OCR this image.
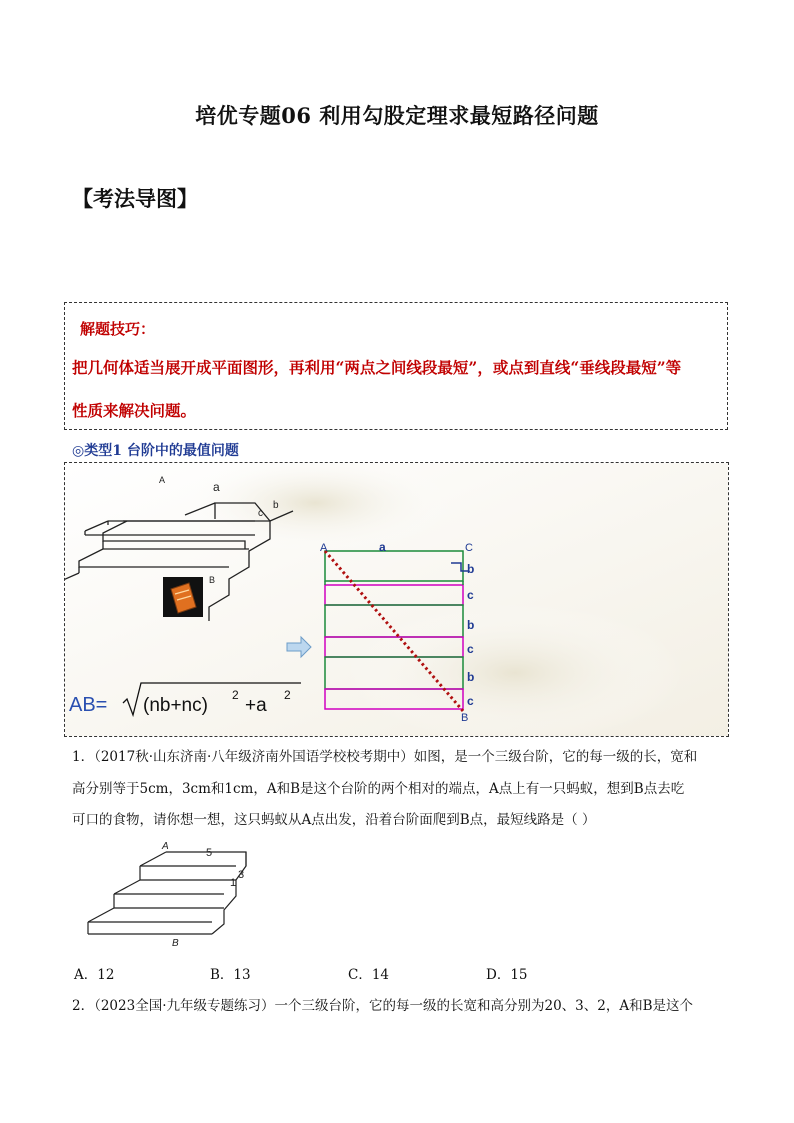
培优专题06 利用勾股定理求最短路径问题
【考法导图】
解题技巧：
把几何体适当展开成平面图形，再利用“两点之间线段最短”，或点到直线“垂线段最短”等
性质来解决问题。
◎类型1 台阶中的最值问题
A	a
b
c
B
AB= (nb+nc) 2 +a 2
A	a	C
B
b
c
b
c
b
c
1．（2017秋·山东济南·八年级济南外国语学校校考期中）如图，是一个三级台阶，它的每一级的长，宽和
高分别等于5cm，3cm和1cm，A和B是这个台阶的两个相对的端点，A点上有一只蚂蚁，想到B点去吃
可口的食物，请你想一想，这只蚂蚁从A点出发，沿着台阶面爬到B点，最短线路是（ ）
A
5
1
3
B
A．12	B．13	C．14	D．15
2．（2023全国·九年级专题练习）一个三级台阶，它的每一级的长宽和高分别为20、3、2，A和B是这个
